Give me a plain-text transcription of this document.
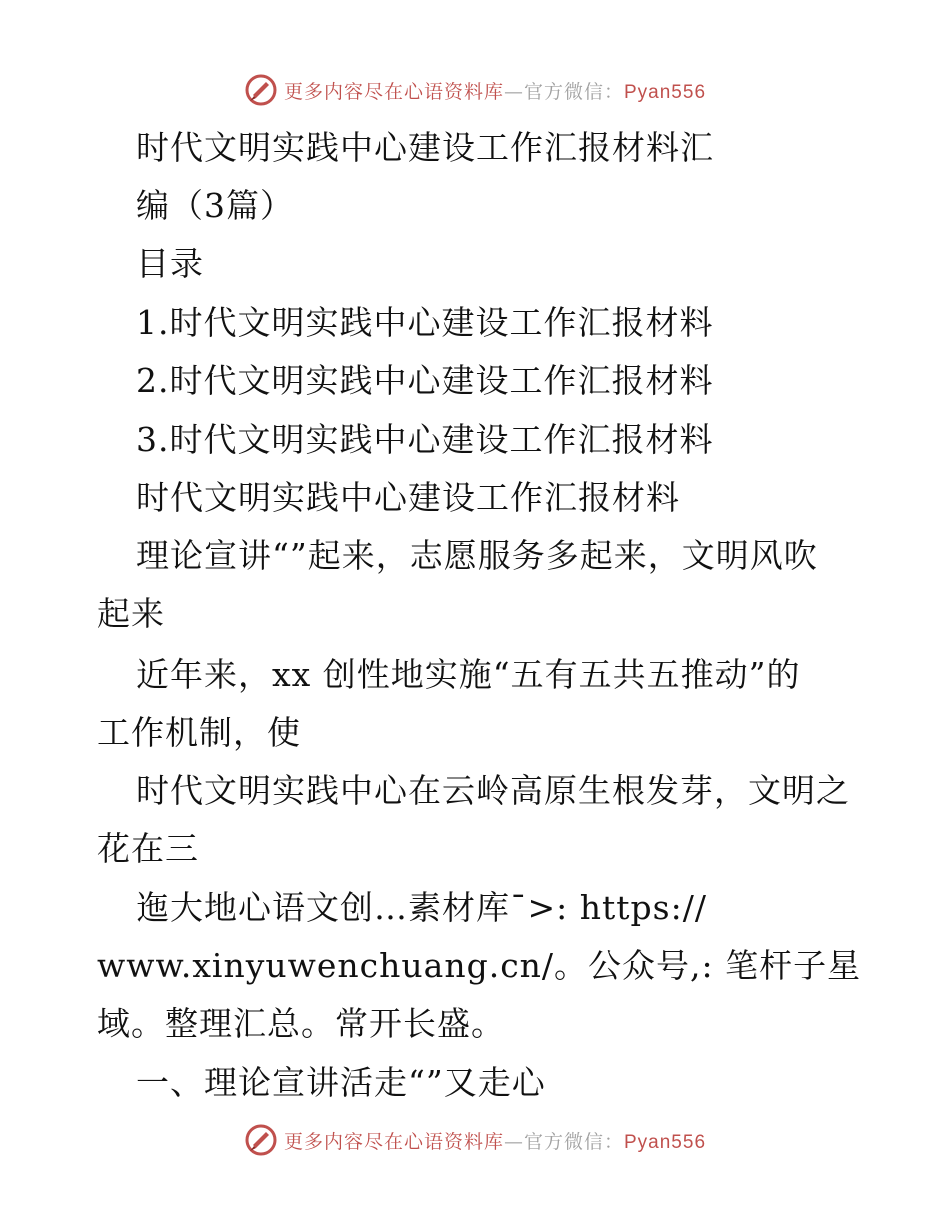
更多内容尽在心语资料库—官方微信：Pyan556
时代文明实践中心建设工作汇报材料汇
编（3篇）
目录
1.时代文明实践中心建设工作汇报材料
2.时代文明实践中心建设工作汇报材料
3.时代文明实践中心建设工作汇报材料
时代文明实践中心建设工作汇报材料
理论宣讲“”起来，志愿服务多起来，文明风吹
起来
近年来，xx 创性地实施“五有五共五推动”的
工作机制，使
时代文明实践中心在云岭高原生根发芽，文明之
花在三
迤大地心语文创…素材库¯>: https://
www.xinyuwenchuang.cn/。公众号,: 笔杆子星
域。整理汇总。常开长盛。
一、理论宣讲活走“”又走心
更多内容尽在心语资料库—官方微信：Pyan556
